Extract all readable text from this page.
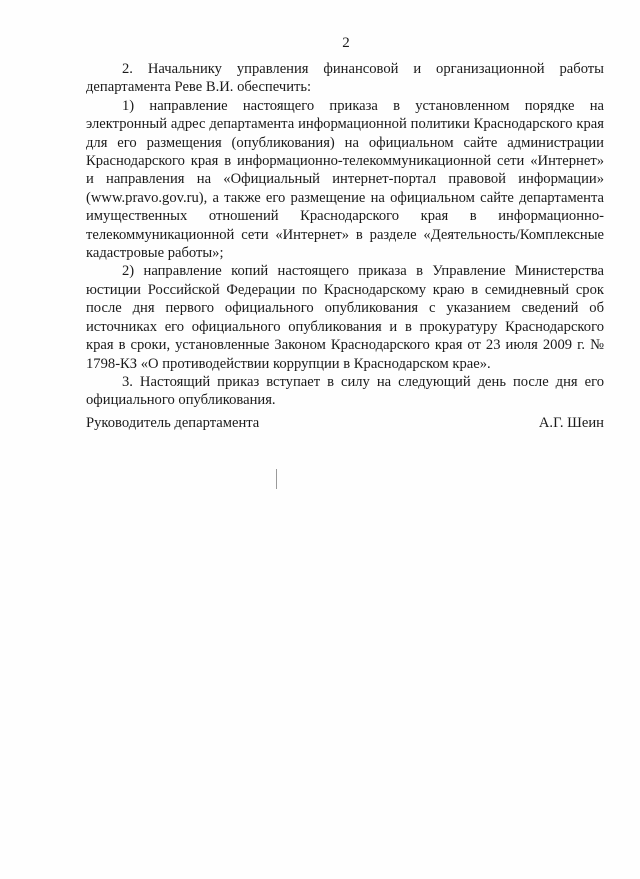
2

2. Начальнику управления финансовой и организационной работы департамента Реве В.И. обеспечить:

1) направление настоящего приказа в установленном порядке на электронный адрес департамента информационной политики Краснодарского края для его размещения (опубликования) на официальном сайте администрации Краснодарского края в информационно-телекоммуникационной сети «Интернет» и направления на «Официальный интернет-портал правовой информации» (www.pravo.gov.ru), а также его размещение на официальном сайте департамента имущественных отношений Краснодарского края в информационно-телекоммуникационной сети «Интернет» в разделе «Деятельность/Комплексные кадастровые работы»;

2) направление копий настоящего приказа в Управление Министерства юстиции Российской Федерации по Краснодарскому краю в семидневный срок после дня первого официального опубликования с указанием сведений об источниках его официального опубликования и в прокуратуру Краснодарского края в сроки, установленные Законом Краснодарского края от 23 июля 2009 г. № 1798-КЗ «О противодействии коррупции в Краснодарском крае».

3. Настоящий приказ вступает в силу на следующий день после дня его официального опубликования.

Руководитель департамента	А.Г. Шеин
